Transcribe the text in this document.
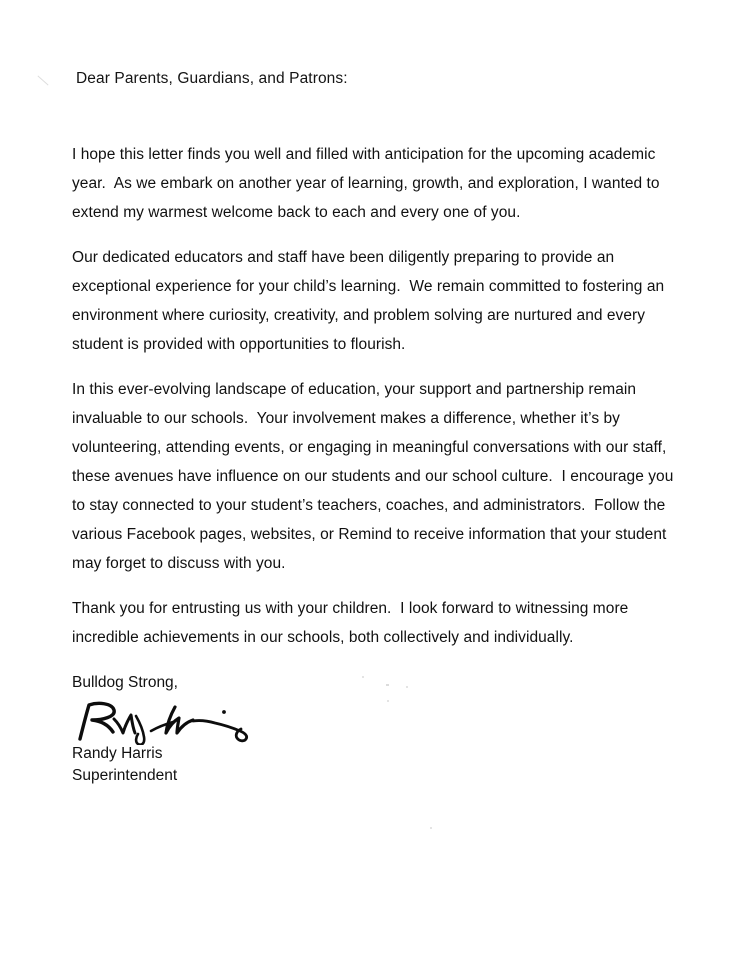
Dear Parents, Guardians, and Patrons:

I hope this letter finds you well and filled with anticipation for the upcoming academic year.  As we embark on another year of learning, growth, and exploration, I wanted to extend my warmest welcome back to each and every one of you.

Our dedicated educators and staff have been diligently preparing to provide an exceptional experience for your child’s learning.  We remain committed to fostering an environment where curiosity, creativity, and problem solving are nurtured and every student is provided with opportunities to flourish.

In this ever-evolving landscape of education, your support and partnership remain invaluable to our schools.  Your involvement makes a difference, whether it’s by volunteering, attending events, or engaging in meaningful conversations with our staff, these avenues have influence on our students and our school culture.  I encourage you to stay connected to your student’s teachers, coaches, and administrators.  Follow the various Facebook pages, websites, or Remind to receive information that your student may forget to discuss with you.

Thank you for entrusting us with your children.  I look forward to witnessing more incredible achievements in our schools, both collectively and individually.

Bulldog Strong,

Randy Harris

Superintendent
